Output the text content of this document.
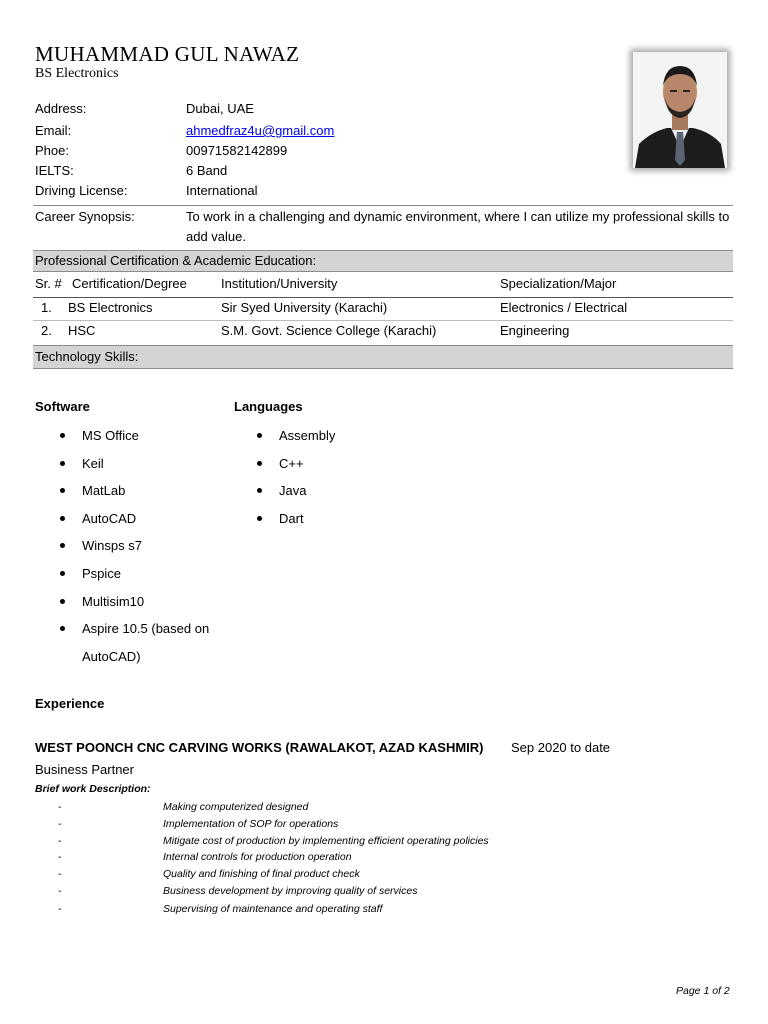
MUHAMMAD GUL NAWAZ
BS Electronics
Address:	Dubai, UAE
Email:	ahmedfraz4u@gmail.com
Phoe:	00971582142899
IELTS:	6 Band
Driving License:	International
Career Synopsis:	To work in a challenging and dynamic environment, where I can utilize my professional skills to add value.
Professional Certification & Academic Education:
Sr. # Certification/Degree	Institution/University	Specialization/Major
1. BS Electronics	Sir Syed University (Karachi)	Electronics / Electrical
2. HSC	S.M. Govt. Science College (Karachi)	Engineering
Technology Skills:
Software	Languages
MS Office
Keil
MatLab
AutoCAD
Winsps s7
Pspice
Multisim10
Aspire 10.5 (based on
AutoCAD)
Assembly
C++
Java
Dart
Experience
WEST POONCH CNC CARVING WORKS (RAWALAKOT, AZAD KASHMIR) Sep 2020 to date
Business Partner
Brief work Description:
-	Making computerized designed
-	Implementation of SOP for operations
-	Mitigate cost of production by implementing efficient operating policies
-	Internal controls for production operation
-	Quality and finishing of final product check
-	Business development by improving quality of services
-	Supervising of maintenance and operating staff
Page 1 of 2
